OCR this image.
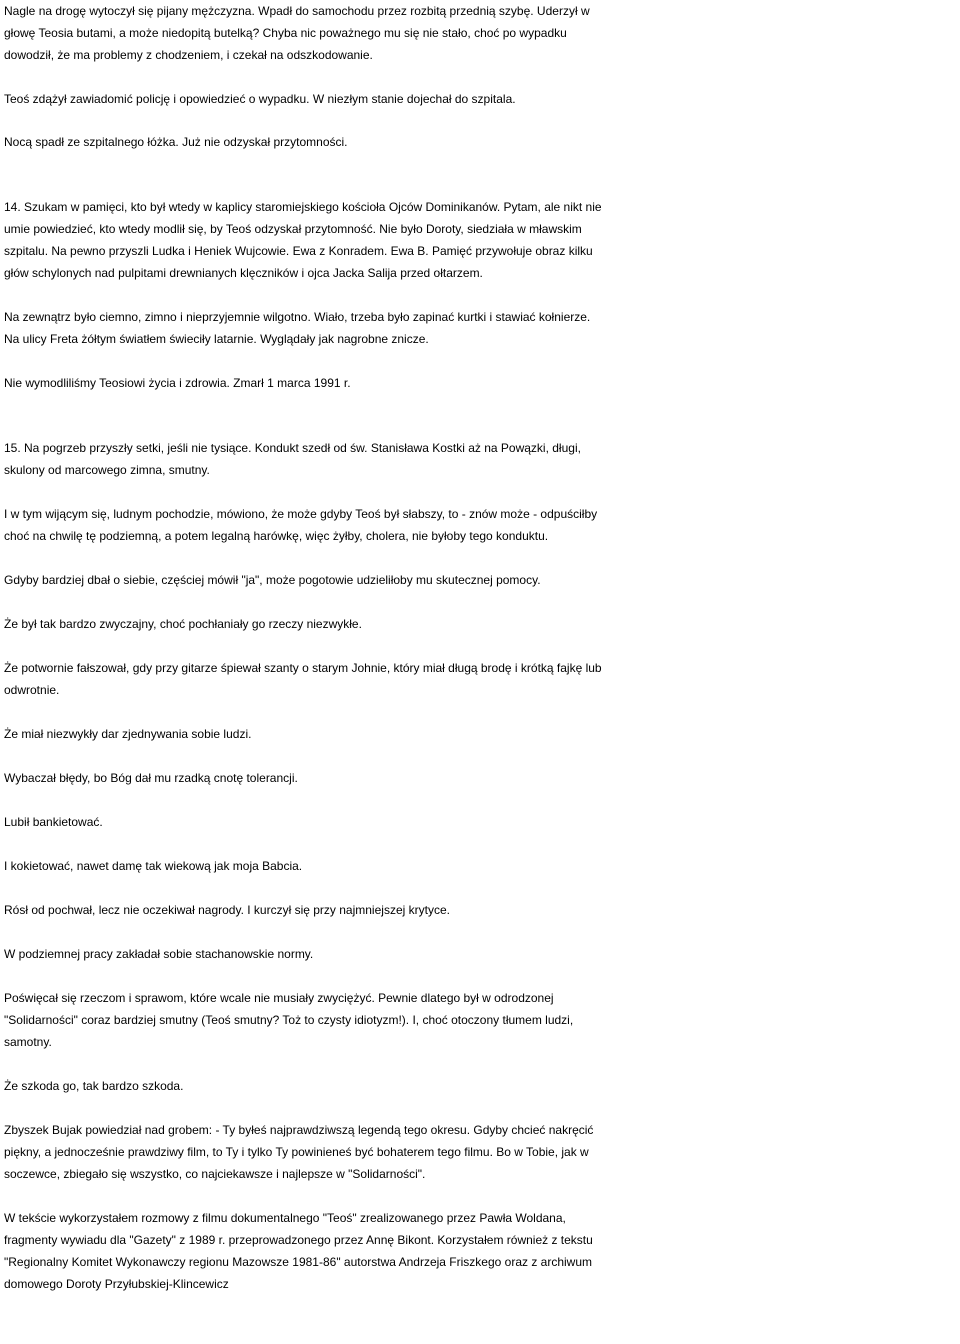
Nagle na drogę wytoczył się pijany mężczyzna. Wpadł do samochodu przez rozbitą przednią szybę. Uderzył w
głowę Teosia butami, a może niedopitą butelką? Chyba nic poważnego mu się nie stało, choć po wypadku
dowodził, że ma problemy z chodzeniem, i czekał na odszkodowanie.

Teoś zdążył zawiadomić policję i opowiedzieć o wypadku. W niezłym stanie dojechał do szpitala.

Nocą spadł ze szpitalnego łóżka. Już nie odzyskał przytomności.

14. Szukam w pamięci, kto był wtedy w kaplicy staromiejskiego kościoła Ojców Dominikanów. Pytam, ale nikt nie
umie powiedzieć, kto wtedy modlił się, by Teoś odzyskał przytomność. Nie było Doroty, siedziała w mławskim
szpitalu. Na pewno przyszli Ludka i Heniek Wujcowie. Ewa z Konradem. Ewa B. Pamięć przywołuje obraz kilku
głów schylonych nad pulpitami drewnianych klęczników i ojca Jacka Salija przed ołtarzem.

Na zewnątrz było ciemno, zimno i nieprzyjemnie wilgotno. Wiało, trzeba było zapinać kurtki i stawiać kołnierze.
Na ulicy Freta żółtym światłem świeciły latarnie. Wyglądały jak nagrobne znicze.

Nie wymodliliśmy Teosiowi życia i zdrowia. Zmarł 1 marca 1991 r.

15. Na pogrzeb przyszły setki, jeśli nie tysiące. Kondukt szedł od św. Stanisława Kostki aż na Powązki, długi,
skulony od marcowego zimna, smutny.

I w tym wijącym się, ludnym pochodzie, mówiono, że może gdyby Teoś był słabszy, to - znów może - odpuściłby
choć na chwilę tę podziemną, a potem legalną harówkę, więc żyłby, cholera, nie byłoby tego konduktu.

Gdyby bardziej dbał o siebie, częściej mówił "ja", może pogotowie udzieliłoby mu skutecznej pomocy.

Że był tak bardzo zwyczajny, choć pochłaniały go rzeczy niezwykłe.

Że potwornie fałszował, gdy przy gitarze śpiewał szanty o starym Johnie, który miał długą brodę i krótką fajkę lub
odwrotnie.

Że miał niezwykły dar zjednywania sobie ludzi.

Wybaczał błędy, bo Bóg dał mu rzadką cnotę tolerancji.

Lubił bankietować.

I kokietować, nawet damę tak wiekową jak moja Babcia.

Rósł od pochwał, lecz nie oczekiwał nagrody. I kurczył się przy najmniejszej krytyce.

W podziemnej pracy zakładał sobie stachanowskie normy.

Poświęcał się rzeczom i sprawom, które wcale nie musiały zwyciężyć. Pewnie dlatego był w odrodzonej
"Solidarności" coraz bardziej smutny (Teoś smutny? Toż to czysty idiotyzm!). I, choć otoczony tłumem ludzi,
samotny.

Że szkoda go, tak bardzo szkoda.

Zbyszek Bujak powiedział nad grobem: - Ty byłeś najprawdziwszą legendą tego okresu. Gdyby chcieć nakręcić
piękny, a jednocześnie prawdziwy film, to Ty i tylko Ty powinieneś być bohaterem tego filmu. Bo w Tobie, jak w
soczewce, zbiegało się wszystko, co najciekawsze i najlepsze w "Solidarności".

W tekście wykorzystałem rozmowy z filmu dokumentalnego "Teoś" zrealizowanego przez Pawła Woldana,
fragmenty wywiadu dla "Gazety" z 1989 r. przeprowadzonego przez Annę Bikont. Korzystałem również z tekstu
"Regionalny Komitet Wykonawczy regionu Mazowsze 1981-86" autorstwa Andrzeja Friszkego oraz z archiwum
domowego Doroty Przyłubskiej-Klincewicz
